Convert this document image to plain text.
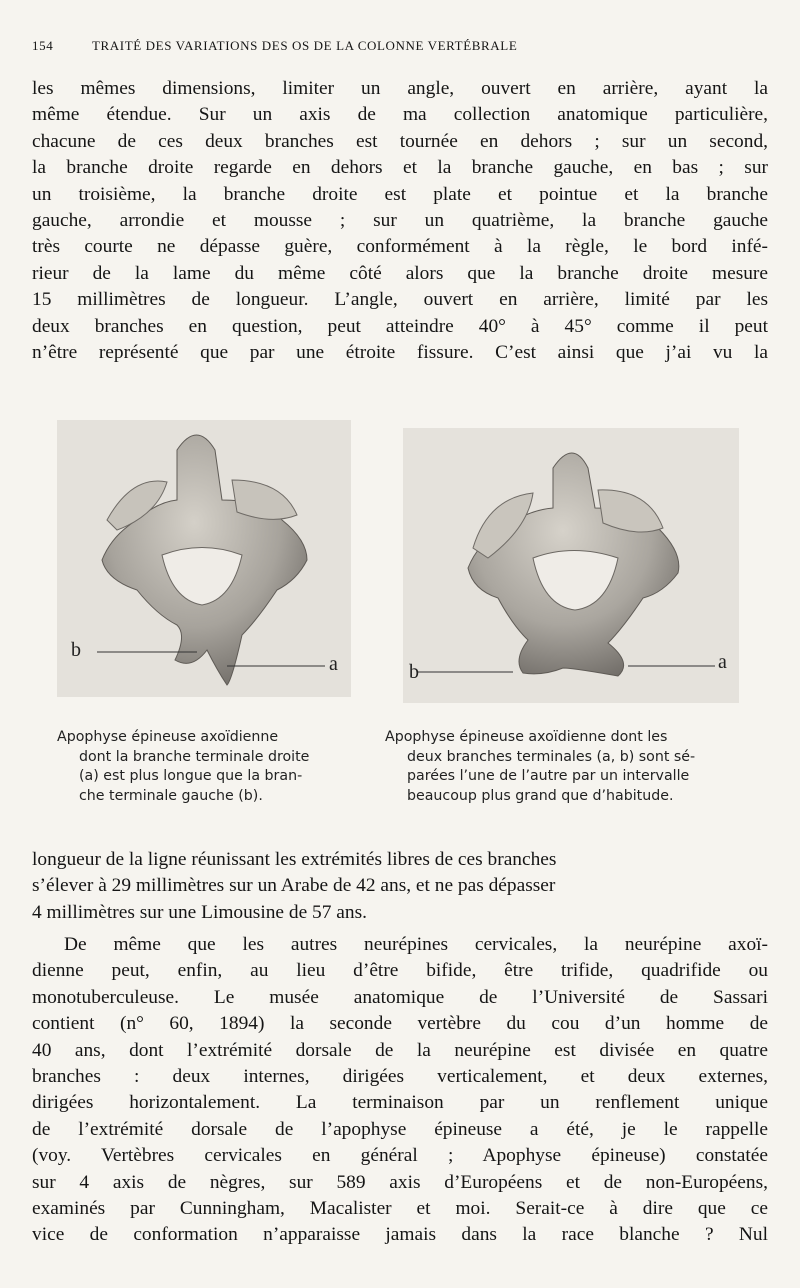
154	TRAITÉ DES VARIATIONS DES OS DE LA COLONNE VERTÉBRALE
les mêmes dimensions, limiter un angle, ouvert en arrière, ayant la
même étendue. Sur un axis de ma collection anatomique particulière,
chacune de ces deux branches est tournée en dehors ; sur un second,
la branche droite regarde en dehors et la branche gauche, en bas ; sur
un troisième, la branche droite est plate et pointue et la branche
gauche, arrondie et mousse ; sur un quatrième, la branche gauche
très courte ne dépasse guère, conformément à la règle, le bord infé-
rieur de la lame du même côté alors que la branche droite mesure
15 millimètres de longueur. L’angle, ouvert en arrière, limité par les
deux branches en question, peut atteindre 40° à 45° comme il peut
n’être représenté que par une étroite fissure. C’est ainsi que j’ai vu la
b
a	b	a
Apophyse épineuse axoïdienne
dont la branche terminale droite
(a) est plus longue que la bran-
che terminale gauche (b).
Apophyse épineuse axoïdienne dont les
deux branches terminales (a, b) sont sé-
parées l’une de l’autre par un intervalle
beaucoup plus grand que d’habitude.
longueur de la ligne réunissant les extrémités libres de ces branches
s’élever à 29 millimètres sur un Arabe de 42 ans, et ne pas dépasser
4 millimètres sur une Limousine de 57 ans.
De même que les autres neurépines cervicales, la neurépine axoï-
dienne peut, enfin, au lieu d’être bifide, être trifide, quadrifide ou
monotuberculeuse. Le musée anatomique de l’Université de Sassari
contient (n° 60, 1894) la seconde vertèbre du cou d’un homme de
40 ans, dont l’extrémité dorsale de la neurépine est divisée en quatre
branches : deux internes, dirigées verticalement, et deux externes,
dirigées horizontalement. La terminaison par un renflement unique
de l’extrémité dorsale de l’apophyse épineuse a été, je le rappelle
(voy. Vertèbres cervicales en général ; Apophyse épineuse) constatée
sur 4 axis de nègres, sur 589 axis d’Européens et de non-Européens,
examinés par Cunningham, Macalister et moi. Serait-ce à dire que ce
vice de conformation n’apparaisse jamais dans la race blanche ? Nul
